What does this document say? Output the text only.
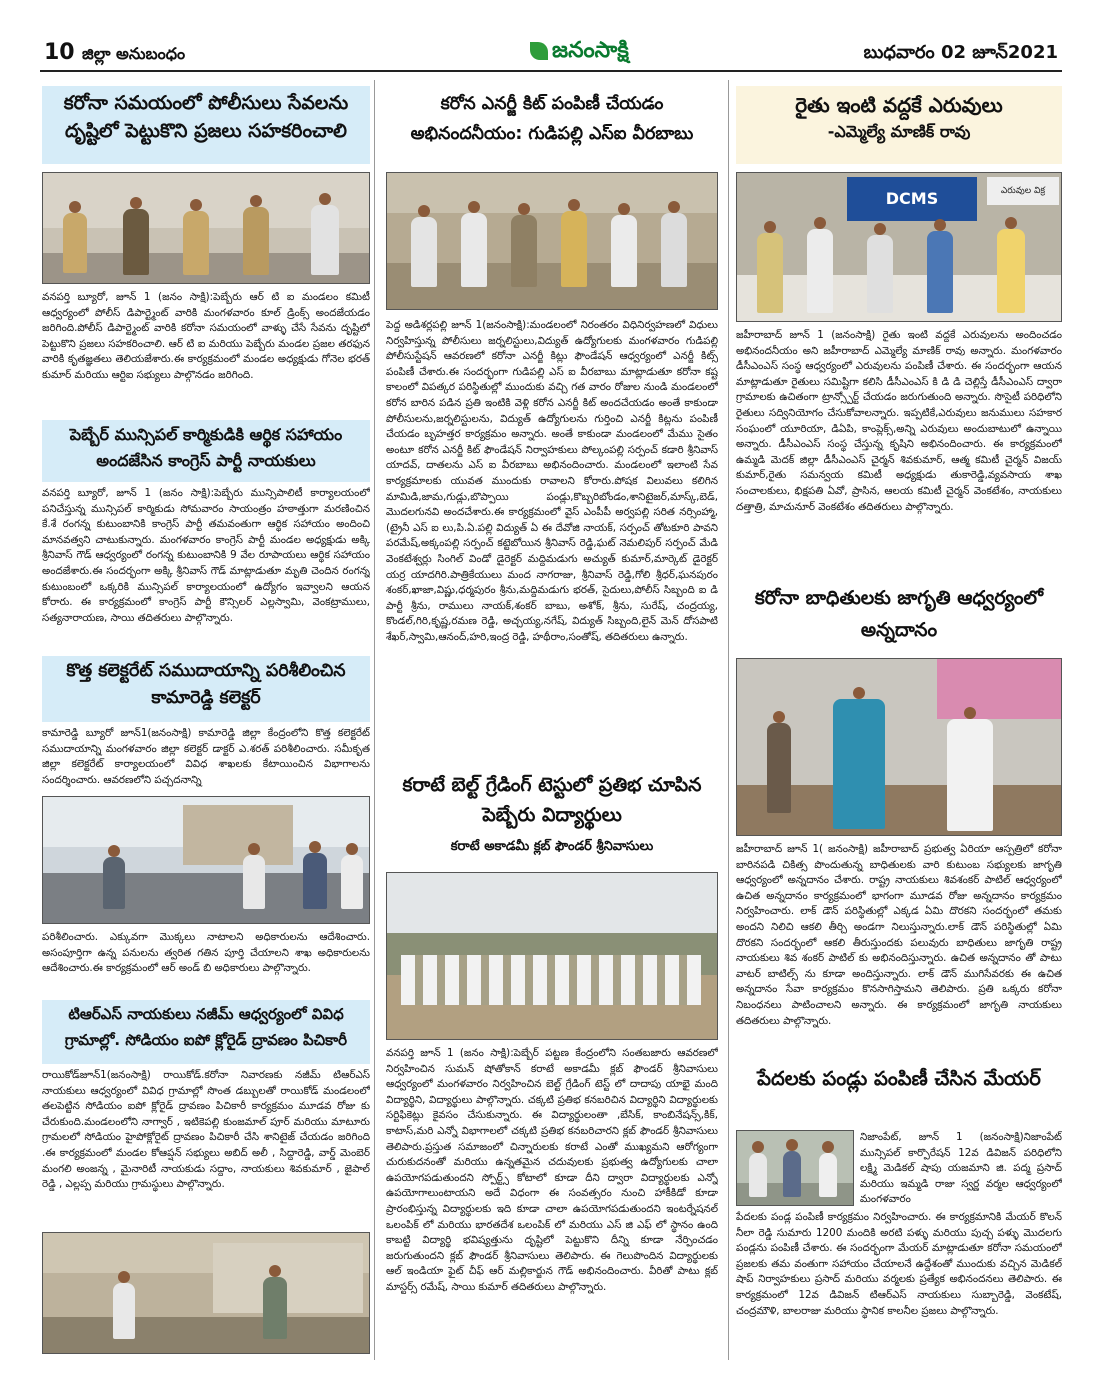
10 జిల్లా అనుబంధం	జనంసాక్షి	బుధవారం 02 జూన్2021
కరోనా సమయంలో పోలీసులు సేవలను దృష్టిలో పెట్టుకొని ప్రజలు సహకరించాలి
వనపర్తి బ్యూరో, జూన్ 1 (జనం సాక్షి):పెబ్బేరు ఆర్ టి ఐ మండలం కమిటీ ఆధ్వర్యంలో పోలీస్ డిపార్ట్మెంట్ వారికి మంగళవారం కూల్ డ్రింక్స్ అందజేయడం జరిగింది.పోలీస్ డిపార్ట్మెంట్ వారికి కరోనా సమయంలో వాళ్ళు చేసే సేవను దృష్టిలో పెట్టుకొని ప్రజలు సహకరించాలి. ఆర్ టి ఐ మరియు పెబ్బేరు మండల ప్రజల తరఫున వారికి కృతజ్ఞతలు తెలియజేశారు.ఈ కార్యక్రమంలో మండల అధ్యక్షుడు గోనెల భరత్ కుమార్ మరియు ఆర్టిఐ సభ్యులు పాల్గొనడం జరిగింది.
పెబ్బేర్ మున్సిపల్ కార్మికుడికి ఆర్థిక సహాయం అందజేసిన కాంగ్రెస్ పార్టీ నాయకులు
వనపర్తి బ్యూరో, జూన్ 1 (జనం సాక్షి):పెబ్బేరు మున్సిపాలిటీ కార్యాలయంలో పనిచేస్తున్న మున్సిపల్ కార్మికుడు సోమవారం సాయంత్రం హఠాత్తుగా మరణించిన కే.శే రంగన్న కుటుంబానికి కాంగ్రెస్ పార్టీ తమవంతుగా ఆర్థిక సహాయం అందించి మానవత్వని చాటుకున్నారు. మంగళవారం కాంగ్రెస్ పార్టీ మండల అధ్యక్షుడు అక్కి శ్రీనివాస్ గౌడ్ ఆధ్వర్యంలో రంగన్న కుటుంబానికి 9 వేల రూపాయలు ఆర్థిక సహాయం అందజేశారు.ఈ సందర్భంగా అక్కి శ్రీనివాస్ గౌడ్ మాట్లాడుతూ మృతి చెందిన రంగన్న కుటుంబంలో ఒక్కరికి మున్సిపల్ కార్యాలయంలో ఉద్యోగం ఇవ్వాలని ఆయన కోరారు. ఈ కార్యక్రమంలో కాంగ్రెస్ పార్టీ కౌన్సిలర్ ఎల్లస్వామి, వెంకట్రాములు, సత్యనారాయణ, సాయి తదితరులు పాల్గొన్నారు.
కొత్త కలెక్టరేట్ సముదాయాన్ని పరిశీలించిన కామారెడ్డి కలెక్టర్
కామారెడ్డి బ్యూరో జూన్1(జనంసాక్షి) కామారెడ్డి జిల్లా కేంద్రంలోని కొత్త కలెక్టరేట్ సముదాయాన్ని మంగళవారం జిల్లా కలెక్టర్ డాక్టర్ ఎ.శరత్ పరిశీలించారు. సమీకృత జిల్లా కలెక్టరేట్ కార్యాలయంలో వివిధ శాఖలకు కేటాయించిన విభాగాలను సందర్శించారు. ఆవరణలోని పచ్చదనాన్ని
పరిశీలించారు. ఎక్కువగా మొక్కలు నాటాలని అధికారులను ఆదేశించారు. అసంపూర్తిగా ఉన్న పనులను త్వరిత గతిన పూర్తి చేయాలని శాఖ అధికారులను ఆదేశించారు.ఈ కార్యక్రమంలో ఆర్ అండ్ బి అధికారులు పాల్గొన్నారు.
టిఆర్ఎస్ నాయకులు నజీమ్ ఆధ్వర్యంలో వివిధ గ్రామాల్లో. సోడియం ఐపో క్లోరైడ్ ద్రావణం పిచికారీ
రాయికోడ్‌జూన్1(జనంసాక్షి) రాయికోడ్.కరోనా నివారణకు నజీమ్ టిఆర్ఎస్ నాయకులు ఆధ్వర్యంలో వివిధ గ్రామాల్లో సొంత డబ్బులతో రాయికోడ్ మండలంలో తలపెట్టిన సోడియం ఐపో క్లోరైడ్ ద్రావణం పిచికారీ కార్యక్రమం మూడవ రోజు కు చేరుకుంది.మండలంలోని నాగ్వార్ , ఇటికెపల్లి కుంజమాల్ పూర్ మరియు మాటూరు గ్రామలలో సోడియం హైపోక్లోరైట్ ద్రావణం పిచికారీ చేసి శానిటైజ్ చేయడం జరిగింది .ఈ కార్యక్రమంలో మండల కోఆప్షన్ సభ్యులు అబిద్ అలీ , సిద్దారెడ్డి, వార్డ్ మెంబెర్ మంగలి అంజన్న , మైనారిటీ నాయకుడు సద్దాం, నాయకులు శివకుమార్ , జైపాల్ రెడ్డి , ఎల్లప్ప మరియు గ్రామస్థులు పాల్గొన్నారు.
కరోన ఎనర్జీ కిట్ పంపిణీ చేయడం అభినందనీయం: గుడిపల్లి ఎస్ఐ వీరబాబు
పెద్ద అడిశర్లపల్లి జూన్ 1(జనంసాక్షి):మండలంలో నిరంతరం విధినిర్వహణలో విధులు నిర్వహిస్తున్న పోలీసులు జర్నలిస్టులు,విద్యుత్ ఉద్యోగులకు మంగళవారం గుడిపల్లి పోలీసుస్టేషన్ ఆవరణలో కరోనా ఎనర్జీ కిట్లు ఫౌండేషన్ ఆధ్వర్యంలో ఎనర్జీ కిట్స్ పంపిణీ చేశారు.ఈ సందర్భంగా గుడిపల్లి ఎస్ ఐ వీరబాబు మాట్లాడుతూ కరోనా కష్ట కాలంలో విపత్కర పరిస్థితుల్లో ముందుకు వచ్చి గత వారం రోజుల నుండి మండలంలో కరోన బారిన పడిన ప్రతి ఇంటికి వెళ్లి కరోన ఎనర్జీ కిట్ అందచేయడం అంతే కాకుండా పోలీసులను,జర్నలిస్టులను, విద్యుత్ ఉద్యోగులను గుర్తించి ఎనర్జీ కిట్లను పంపిణీ చేయడం బృహత్తర కార్యక్రమం అన్నారు. అంతే కాకుండా మండలంలో మేము సైతం అంటూ కరోన ఎనర్జీ కిట్ ఫౌండేషన్ నిర్వాహకులు పోల్కంపల్లి సర్పంచ్ కడారి శ్రీనివాస్ యాదవ్, దాతలను ఎస్ ఐ వీరబాబు అభినందించారు. మండలంలో ఇలాంటి సేవ కార్యక్రమాలకు యువత ముందుకు రావాలని కోరారు.పోషక విలువలు కలిగిన మామిడి,జామ,గుడ్లు,బొప్పాయి పండ్లు,కొబ్బరిబోండం,శానిటైజర్,మాస్క్,బెడ్, మొదలగునవి అందచేశారు.ఈ కార్యక్రమంలో వైస్ ఎంపీపీ అర్వపల్లి సరిత నర్సింహ్మా,(ట్రైనీ ఎస్ ఐ లు,పి.ఏ.పల్లి విద్యుత్ ఏ ఈ దేవోజి నాయక్, సర్పంచ్ తోటకూరి పావని పరమేష్,అక్కంపల్లి సర్పంచ్ కట్టెబోయిన శ్రీనివాస్ రెడ్డి,ఘట్ నెమలిపుర్ సర్పంచ్ మేడి వెంకటేశ్వర్లు సింగిల్ విండో డైరెక్టర్ మద్దిమడుగు అచ్యుత్ కుమార్,మార్కెట్ డైరెక్టర్ యర్ర యాదగిరి.పాత్రికేయులు మంద నాగరాజు, శ్రీనివాస్ రెడ్డి,గోలి శ్రీధర్,ఘనపురం శంకర్,ఖాజా,విష్ణు,ధర్మపురం శ్రీను,మద్దిమడుగు భరత్, సైదులు,పోలీస్ సిబ్బంది ఐ డి పార్టీ శ్రీను, రాములు నాయక్,శంకర్ బాబు, అశోక్, శ్రీను, సురేష్, చంద్రయ్య, కొండల్,గిరి,కృష్ణ,రమణ రెడ్డి, అచ్చయ్య,నగేష్, విద్యుత్ సిబ్బంది,లైన్ మెన్ దోసపాటి శేఖర్,స్వామి,ఆనంద్,హరి,ఇంద్ర రెడ్డి, హథీరాం,సంతోష్, తదితరులు ఉన్నారు.
కరాటే బెల్ట్ గ్రేడింగ్ టెస్టులో ప్రతిభ చూపిన పెబ్బేరు విద్యార్థులు
కరాటే అకాడమీ క్లబ్ ఫౌండర్ శ్రీనివాసులు
వనపర్తి జూన్ 1 (జనం సాక్షి):పెబ్బేర్ పట్టణ కేంద్రంలోని సంతబజారు ఆవరణలో నిర్వహించిన సుమన్ షోతోకాన్ కరాటే అకాడమీ క్లబ్ ఫౌండర్ శ్రీనివాసులు ఆధ్వర్యంలో మంగళవారం నిర్వహించిన బెల్ట్ గ్రేడింగ్ టెస్ట్ లో దాదాపు యాభై మంది విద్యార్థిని, విద్యార్థులు పాల్గొన్నారు. చక్కటి ప్రతిభ కనబరిచిన విద్యార్థిని విద్యార్థులకు సర్టిఫికెట్లు కైవసం చేసుకున్నారు. ఈ విద్యార్థులంతా ,బేసిక్, కాంబినేషన్స్,కిక్, కాటాస్,మరి ఎన్నో విభాగాలలో చక్కటి ప్రతిభ కనబరిచారని క్లబ్ ఫౌండర్ శ్రీనివాసులు తెలిపారు.ప్రస్తుత సమాజంలో చిన్నారులకు కరాటే ఎంతో ముఖ్యమని ఆరోగ్యంగా చురుకుదనంతో మరియు ఉన్నతమైన చదువులకు ప్రభుత్వ ఉద్యోగులకు చాలా ఉపయోగపడుతుందని స్పోర్ట్స్ కోటాలో కూడా దీని ద్వారా విద్యార్థులకు ఎన్నో ఉపయోగాలుంటాయని అదే విధంగా ఈ సంవత్సరం నుంచి హాకీకిడో కూడా ప్రారంభిస్తున్న విద్యార్థులకు ఇది కూడా చాలా ఉపయోగపడుతుందని ఇంటర్నేషనల్ ఒలంపిక్ లో మరియు భారతదేశ ఒలంపిక్ లో మరియు ఎస్ జి ఎఫ్ లో స్థానం ఉంది కాబట్టి విద్యార్థి భవిష్యత్తును దృష్టిలో పెట్టుకొని దీన్ని కూడా నేర్పించడం జరుగుతుందని క్లబ్ ఫౌండర్ శ్రీనివాసులు తెలిపారు. ఈ గెలుపొందిన విద్యార్థులకు ఆల్ ఇండియా ఫైట్ చీఫ్ ఆర్ మల్లికార్జున గౌడ్ అభినందించారు. వీరితో పాటు క్లబ్ మాస్టర్స్ రమేష్, సాయి కుమార్ తదితరులు పాల్గొన్నారు.
రైతు ఇంటి వద్దకే ఎరువులు
-ఎమ్మెల్యే మాణిక్ రావు
DCMS	ఎరువుల విక్ర
జహీరాబాద్ జూన్ 1 (జనంసాక్షి) రైతు ఇంటి వద్దకే ఎరువులను అందించడం అభినందనీయం అని జహీరాబాద్ ఎమ్మెల్యే మాణిక్ రావు అన్నారు. మంగళవారం డీసీఎంఎస్ సంస్థ ఆధ్వర్యంలో ఎరువులను పంపిణీ చేశారు. ఈ సందర్భంగా ఆయన మాట్లాడుతూ రైతులు సమిష్టిగా కలిసి డీసీఎంఎస్ కి డి డి చెల్లిస్తే డీసీఎంఎస్ ద్వారా గ్రామాలకు ఉచితంగా ట్రాన్స్పోర్ట్ చేయడం జరుగుతుంది అన్నారు. సొసైటీ పరిధిలోని రైతులు సద్వినియోగం చేసుకోవాలన్నారు. ఇప్పటికే,ఎరువులు జనుములు సహకార సంఘంలో యూరియా, డిఏపి, కాంప్లెక్స్,అన్ని ఎరువులు అందుబాటులో ఉన్నాయి అన్నారు. డీసీఎంఎస్ సంస్థ చేస్తున్న కృషిని అభినందించారు. ఈ కార్యక్రమంలో ఉమ్మడి మెదక్ జిల్లా డీసీఎంఎస్ చైర్మన్ శివకుమార్, ఆత్మ కమిటీ చైర్మన్ విజయ్ కుమార్,రైతు సమన్వయ కమిటీ అధ్యక్షుడు తుకారెడ్డి,వ్యవసాయ శాఖ సంచాలకులు, భిక్షపతి ఏవో, ప్రాసిన, ఆలయ కమిటీ చైర్మన్ వెంకటేశం, నాయకులు దత్తాత్రి, మాచునూర్ వెంకటేశం తదితరులు పాల్గొన్నారు.
కరోనా బాధితులకు జాగృతి ఆధ్వర్యంలో అన్నదానం
జహీరాబాద్ జూన్ 1( జనంసాక్షి) జహీరాబాద్ ప్రభుత్వ ఏరియా ఆస్పత్రిలో కరోనా బారినపడి చికిత్స పొందుతున్న బాధితులకు వారి కుటుంబ సభ్యులకు జాగృతి ఆధ్వర్యంలో అన్నదానం చేశారు. రాష్ట్ర నాయకులు శివశంకర్ పాటిల్ ఆధ్వర్యంలో ఉచిత అన్నదానం కార్యక్రమంలో భాగంగా మూడవ రోజు అన్నదానం కార్యక్రమం నిర్వహించారు. లాక్ డౌన్ పరిస్థితుల్లో ఎక్కడ ఏమి దొరకని సందర్భంలో తమకు అందని నిలిచి ఆకలి తీర్చి అండగా నిలుస్తున్నారు.లాక్ డౌన్ పరిస్థితుల్లో ఏమి దొరకని సందర్భంలో ఆకలి తీరుస్తుందకు పలువురు బాధితులు జాగృతి రాష్ట్ర నాయకులు శివ శంకర్ పాటిల్ కు అభినందిస్తున్నారు. ఉచిత అన్నదానం తో పాటు వాటర్ బాటిల్స్ ను కూడా అందిస్తున్నారు. లాక్ డౌన్ ముగిసేవరకు ఈ ఉచిత అన్నదానం సేవా కార్యక్రమం కొనసాగిస్తామని తెలిపారు. ప్రతి ఒక్కరు కరోనా నిబంధనలు పాటించాలని అన్నారు. ఈ కార్యక్రమంలో జాగృతి నాయకులు తదితరులు పాల్గొన్నారు.
పేదలకు పండ్లు పంపిణీ చేసిన మేయర్
నిజాంపేట్, జూన్ 1 (జనంసాక్షి)నిజాంపేట్ మున్సిపల్ కార్పొరేషన్ 12వ డివిజన్ పరిధిలోని లక్ష్మి మెడికల్ షాపు యజమాని జి. పద్మ ప్రసాద్ మరియు ఇమ్మడి రాజు స్వర్ణ వర్మల ఆధ్వర్యంలో మంగళవారం
పేదలకు పండ్ల పంపిణీ కార్యక్రమం నిర్వహించారు. ఈ కార్యక్రమానికి మేయర్ కొలన్ నీలా రెడ్డి సుమారు 1200 మందికి అరటి పళ్ళు మరియు పుచ్చ పళ్ళు మొదలగు పండ్లను పంపిణీ చేశారు. ఈ సందర్భంగా మేయర్ మాట్లాడుతూ కరోనా సమయంలో ప్రజలకు తమ వంతుగా సహాయం చేయాలనే ఉద్దేశంతో ముందుకు వచ్చిన మెడికల్ షాప్ నిర్వాహకులు ప్రసాద్ మరియు వర్మలకు ప్రత్యేక అభినందనలు తెలిపారు. ఈ కార్యక్రమంలో 12వ డివిజన్ టిఆర్ఎస్ నాయకులు సుబ్బారెడ్డి, వెంకటేష్, చంద్రమౌళి, బాలరాజు మరియు స్థానిక కాలనీల ప్రజలు పాల్గొన్నారు.
